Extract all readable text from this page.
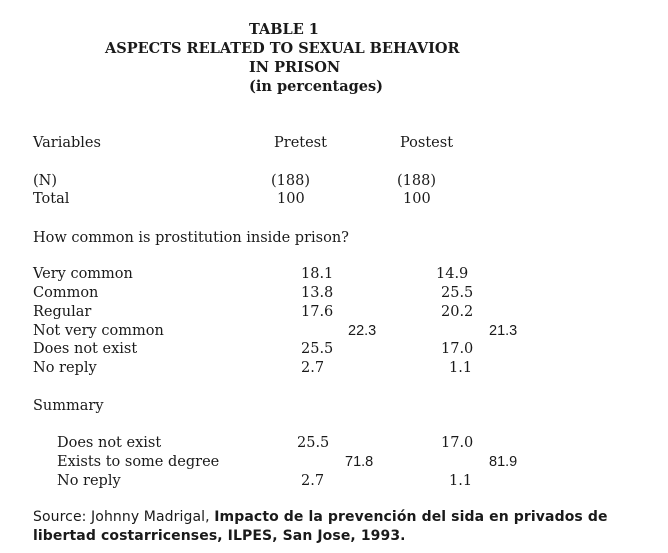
TABLE 1
ASPECTS RELATED TO SEXUAL BEHAVIOR
IN PRISON
(in percentages)
Variables	Pretest	Postest
(N)	(188)	(188)
Total	100	100
How common is prostitution inside prison?
Very common	18.1	14.9
Common	13.8	25.5
Regular	17.6	20.2
Not very common	22.3	21.3
Does not exist	25.5	17.0
No reply	2.7	1.1
Summary
Does not exist	25.5	17.0
Exists to some degree	71.8	81.9
No reply	2.7	1.1
Source: Johnny Madrigal, Impacto de la prevención del sida en privados de libertad costarricenses, ILPES, San Jose, 1993.
